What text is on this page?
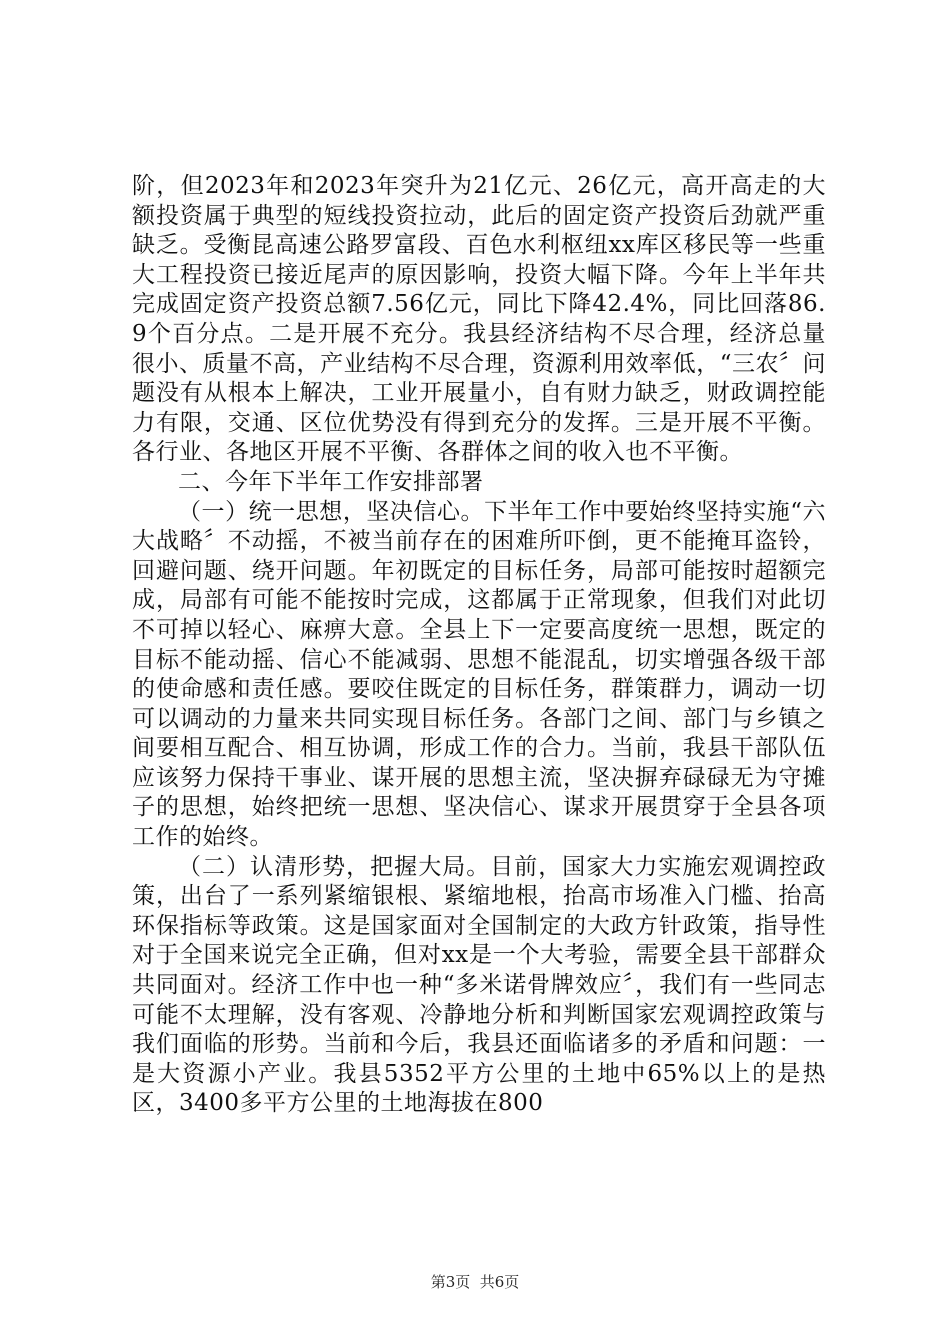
阶，但2023年和2023年突升为21亿元、26亿元，高开高走的大额投资属于典型的短线投资拉动，此后的固定资产投资后劲就严重缺乏。受衡昆高速公路罗富段、百色水利枢纽xx库区移民等一些重大工程投资已接近尾声的原因影响，投资大幅下降。今年上半年共完成固定资产投资总额7.56亿元，同比下降42.4%，同比回落86.9个百分点。二是开展不充分。我县经济结构不尽合理，经济总量很小、质量不高，产业结构不尽合理，资源利用效率低，“三农〞问题没有从根本上解决，工业开展量小，自有财力缺乏，财政调控能力有限，交通、区位优势没有得到充分的发挥。三是开展不平衡。各行业、各地区开展不平衡、各群体之间的收入也不平衡。

二、今年下半年工作安排部署

（一）统一思想，坚决信心。下半年工作中要始终坚持实施“六大战略〞不动摇，不被当前存在的困难所吓倒，更不能掩耳盗铃，回避问题、绕开问题。年初既定的目标任务，局部可能按时超额完成，局部有可能不能按时完成，这都属于正常现象，但我们对此切不可掉以轻心、麻痹大意。全县上下一定要高度统一思想，既定的目标不能动摇、信心不能减弱、思想不能混乱，切实增强各级干部的使命感和责任感。要咬住既定的目标任务，群策群力，调动一切可以调动的力量来共同实现目标任务。各部门之间、部门与乡镇之间要相互配合、相互协调，形成工作的合力。当前，我县干部队伍应该努力保持干事业、谋开展的思想主流，坚决摒弃碌碌无为守摊子的思想，始终把统一思想、坚决信心、谋求开展贯穿于全县各项工作的始终。

（二）认清形势，把握大局。目前，国家大力实施宏观调控政策，出台了一系列紧缩银根、紧缩地根，抬高市场准入门槛、抬高环保指标等政策。这是国家面对全国制定的大政方针政策，指导性对于全国来说完全正确，但对xx是一个大考验，需要全县干部群众共同面对。经济工作中也一种“多米诺骨牌效应〞，我们有一些同志可能不太理解，没有客观、冷静地分析和判断国家宏观调控政策与我们面临的形势。当前和今后，我县还面临诸多的矛盾和问题：一是大资源小产业。我县5352平方公里的土地中65%以上的是热区，3400多平方公里的土地海拔在800

第3页  共6页
